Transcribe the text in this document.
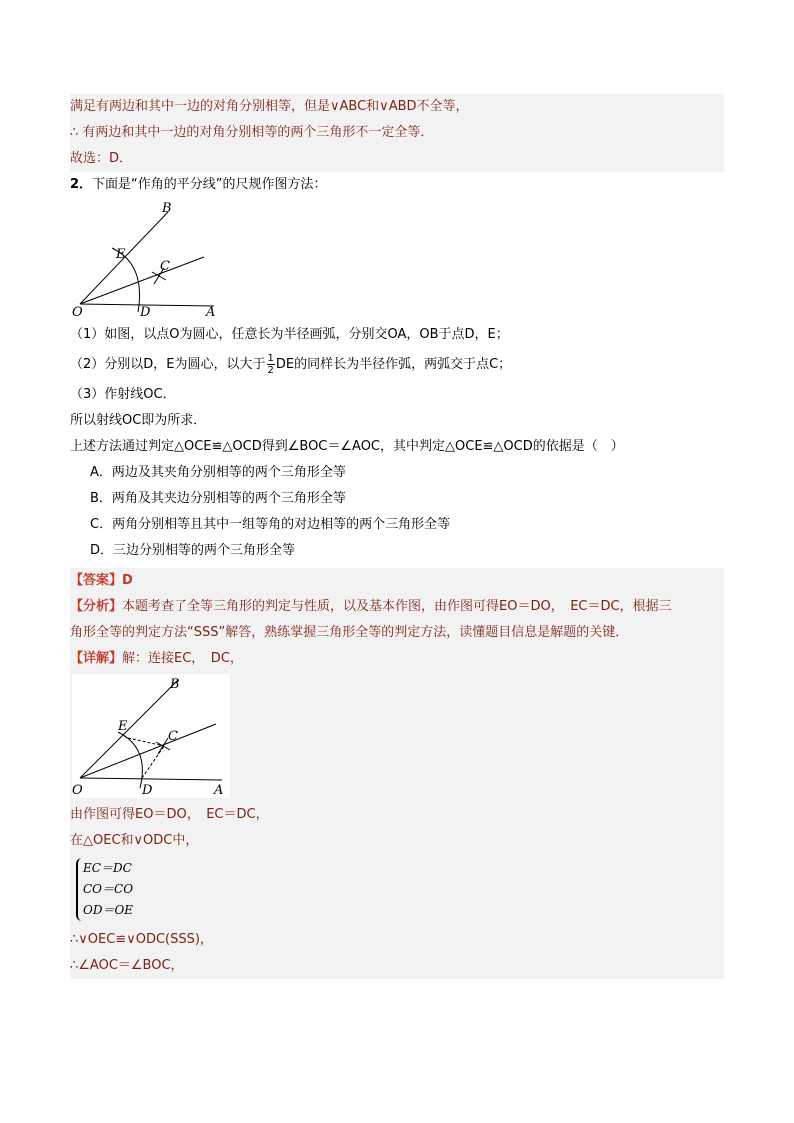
满足有两边和其中一边的对角分别相等，但是∨ABC和∨ABD不全等，
∴ 有两边和其中一边的对角分别相等的两个三角形不一定全等．
故选：D．
2．下面是“作角的平分线”的尺规作图方法：
B
E
C
O	D	A
（1）如图，以点O为圆心，任意长为半径画弧，分别交OA，OB于点D，E；
（2）分别以D，E为圆心，以大于 $\frac{1}{2}$ DE的同样长为半径作弧，两弧交于点C；
（3）作射线OC．
所以射线OC即为所求．
上述方法通过判定△OCE≌△OCD得到∠BOC＝∠AOC，其中判定△OCE≌△OCD的依据是（　）
A．两边及其夹角分别相等的两个三角形全等
B．两角及其夹边分别相等的两个三角形全等
C．两角分别相等且其中一组等角的对边相等的两个三角形全等
D．三边分别相等的两个三角形全等
【答案】D
【分析】本题考查了全等三角形的判定与性质，以及基本作图，由作图可得EO＝DO，　EC＝DC，根据三
角形全等的判定方法“SSS”解答，熟练掌握三角形全等的判定方法，读懂题目信息是解题的关键．
【详解】解：连接EC，　DC，
B
E
C
O	D	A
由作图可得EO＝DO，　EC＝DC，
在△OEC和∨ODC中，
EC＝DC
CO＝CO
OD＝OE
∴∨OEC≌∨ODC(SSS)，
∴∠AOC＝∠BOC，
